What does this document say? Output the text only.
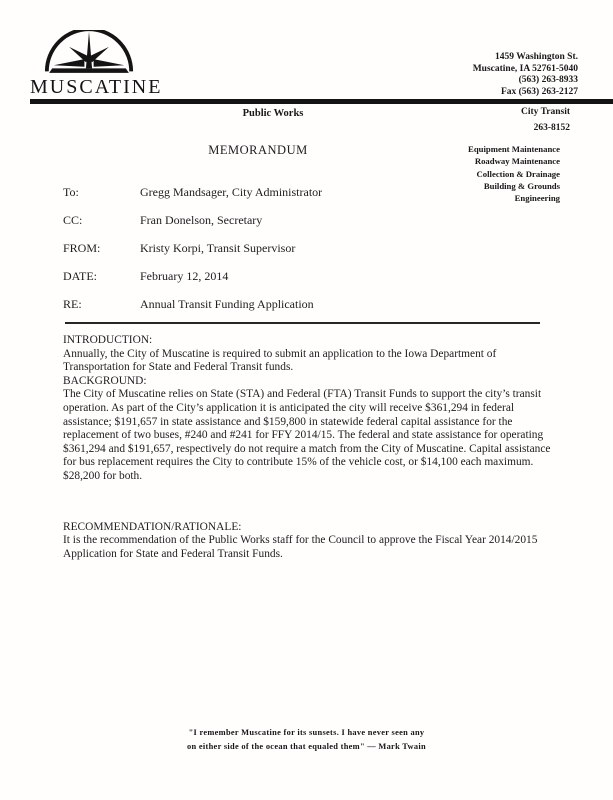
MUSCATINE
1459 Washington St.
Muscatine, IA 52761-5040
(563) 263-8933
Fax (563) 263-2127
Public Works	City Transit
263-8152
Equipment Maintenance
Roadway Maintenance
Collection & Drainage
Building & Grounds
Engineering
MEMORANDUM
To:	Gregg Mandsager, City Administrator
CC:	Fran Donelson, Secretary
FROM:	Kristy Korpi, Transit Supervisor
DATE:	February 12, 2014
RE:	Annual Transit Funding Application

INTRODUCTION:

Annually, the City of Muscatine is required to submit an application to the Iowa Department of Transportation for State and Federal Transit funds.

BACKGROUND:

The City of Muscatine relies on State (STA) and Federal (FTA) Transit Funds to support the city’s transit operation. As part of the City’s application it is anticipated the city will receive $361,294 in federal assistance; $191,657 in state assistance and $159,800 in statewide federal capital assistance for the replacement of two buses, #240 and #241 for FFY 2014/15. The federal and state assistance for operating $361,294 and $191,657, respectively do not require a match from the City of Muscatine. Capital assistance for bus replacement requires the City to contribute 15% of the vehicle cost, or $14,100 each maximum. $28,200 for both.

RECOMMENDATION/RATIONALE:

It is the recommendation of the Public Works staff for the Council to approve the Fiscal Year 2014/2015 Application for State and Federal Transit Funds.

"I remember Muscatine for its sunsets. I have never seen any
on either side of the ocean that equaled them" — Mark Twain
